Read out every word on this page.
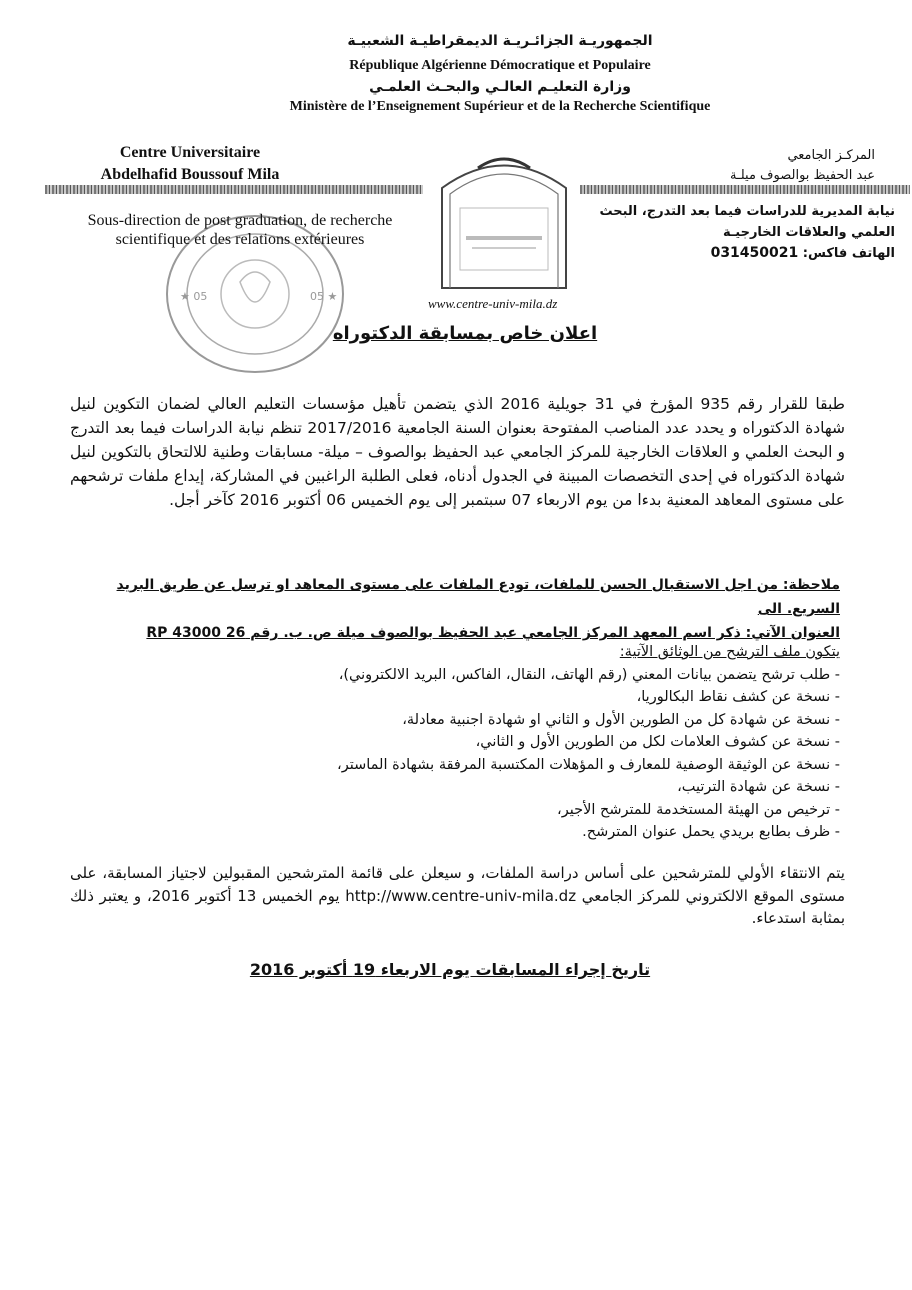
الجمهوريـة الجزائـريـة الديمقراطيـة الشعبيـة
République Algérienne Démocratique et Populaire
وزارة التعليـم العالـي والبحـث العلمـي
Ministère de l’Enseignement Supérieur et de la Recherche Scientifique
Centre Universitaire
Abdelhafid Boussouf Mila
المركـز الجامعي
عبد الحفيظ بوالصوف ميلـة
★ 05	05 ★
Sous-direction de post graduation, de recherche
scientifique et des relations extérieures
نيابة المديرية للدراسات فيما بعد التدرج، البحث
العلمي والعلاقات الخارجيـة
الهاتف فاكس: 031450021
www.centre-univ-mila.dz
اعلان خاص بمسابقة الدكتوراه
طبقا للقرار رقم 935 المؤرخ في 31 جويلية 2016 الذي يتضمن تأهيل مؤسسات التعليم العالي لضمان التكوين لنيل شهادة الدكتوراه و يحدد عدد المناصب المفتوحة بعنوان السنة الجامعية 2017/2016 تنظم نيابة الدراسات فيما بعد التدرج و البحث العلمي و العلاقات الخارجية للمركز الجامعي عبد الحفيظ بوالصوف – ميلة- مسابقات وطنية للالتحاق بالتكوين لنيل شهادة الدكتوراه في إحدى التخصصات المبينة في الجدول أدناه، فعلى الطلبة الراغبين في المشاركة، إيداع ملفات ترشحهم على مستوى المعاهد المعنية بدءا من يوم الاربعاء 07 سبتمبر إلى يوم الخميس 06 أكتوبر 2016 كآخر أجل.
ملاحظة: من اجل الاستقبال الحسن للملفات، تودع الملفات على مستوى المعاهد او ترسل عن طريق البريد السريع. الى
العنوان الآتي: ذكر اسم المعهد المركز الجامعي عبد الحفيظ بوالصوف ميلة ص. ب. رقم 26 RP 43000
يتكون ملف الترشح من الوثائق الآتية:
- طلب ترشح يتضمن بيانات المعني (رقم الهاتف، النقال، الفاكس، البريد الالكتروني)،
- نسخة عن كشف نقاط البكالوريا،
- نسخة عن شهادة كل من الطورين الأول و الثاني او شهادة اجنبية معادلة،
- نسخة عن كشوف العلامات لكل من الطورين الأول و الثاني،
- نسخة عن الوثيقة الوصفية للمعارف و المؤهلات المكتسبة المرفقة بشهادة الماستر،
- نسخة عن شهادة الترتيب،
- ترخيص من الهيئة المستخدمة للمترشح الأجير،
- ظرف بطابع بريدي يحمل عنوان المترشح.
يتم الانتقاء الأولي للمترشحين على أساس دراسة الملفات، و سيعلن على قائمة المترشحين المقبولين لاجتياز المسابقة، على مستوى الموقع الالكتروني للمركز الجامعي http://www.centre-univ-mila.dz يوم الخميس 13 أكتوبر 2016، و يعتبر ذلك بمثابة استدعاء.
تاريخ إجراء المسابقات يوم الاربعاء 19 أكتوبر 2016
